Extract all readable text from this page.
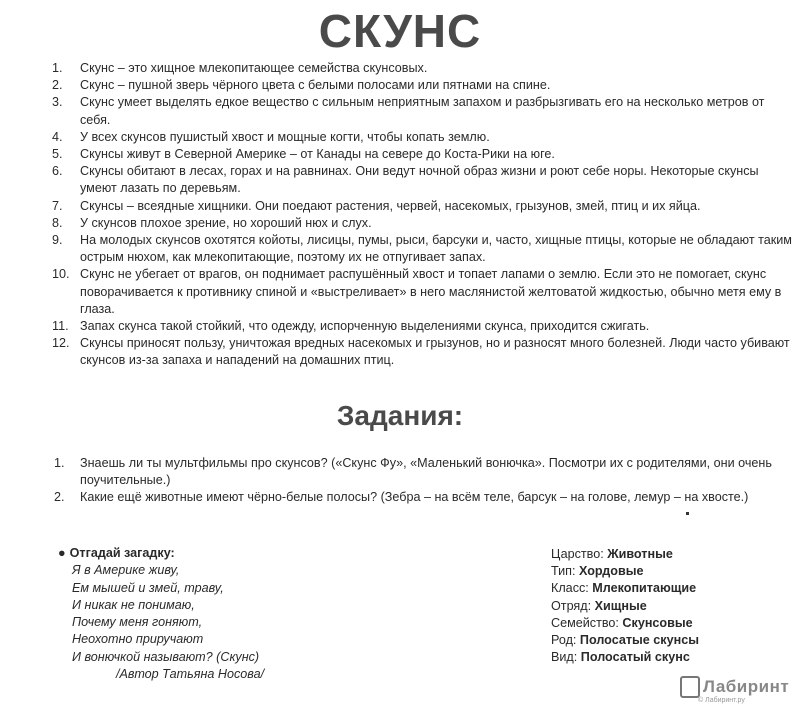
СКУНС
1. Скунс – это хищное млекопитающее семейства скунсовых.
2. Скунс – пушной зверь чёрного цвета с белыми полосами или пятнами на спине.
3. Скунс умеет выделять едкое вещество с сильным неприятным запахом и разбрызгивать его на несколько метров от себя.
4. У всех скунсов пушистый хвост и мощные когти, чтобы копать землю.
5. Скунсы живут в Северной Америке – от Канады на севере до Коста-Рики на юге.
6. Скунсы обитают в лесах, горах и на равнинах. Они ведут ночной образ жизни и роют себе норы. Некоторые скунсы умеют лазать по деревьям.
7. Скунсы – всеядные хищники. Они поедают растения, червей, насекомых, грызунов, змей, птиц и их яйца.
8. У скунсов плохое зрение, но хороший нюх и слух.
9. На молодых скунсов охотятся койоты, лисицы, пумы, рыси, барсуки и, часто, хищные птицы, которые не обладают таким острым нюхом, как млекопитающие, поэтому их не отпугивает запах.
10. Скунс не убегает от врагов, он поднимает распушённый хвост и топает лапами о землю. Если это не помогает, скунс поворачивается к противнику спиной и «выстреливает» в него маслянистой желтоватой жидкостью, обычно метя ему в глаза.
11. Запах скунса такой стойкий, что одежду, испорченную выделениями скунса, приходится сжигать.
12. Скунсы приносят пользу, уничтожая вредных насекомых и грызунов, но и разносят много болезней. Люди часто убивают скунсов из-за запаха и нападений на домашних птиц.
Задания:
1. Знаешь ли ты мультфильмы про скунсов? («Скунс Фу», «Маленький вонючка». Посмотри их с родителями, они очень поучительные.)
2. Какие ещё животные имеют чёрно-белые полосы? (Зебра – на всём теле, барсук – на голове, лемур – на хвосте.)
● Отгадай загадку:
Я в Америке живу,
Ем мышей и змей, траву,
И никак не понимаю,
Почему меня гоняют,
Неохотно приручают
И вонючкой называют? (Скунс)
/Автор Татьяна Носова/
Царство: Животные
Тип: Хордовые
Класс: Млекопитающие
Отряд: Хищные
Семейство: Скунсовые
Род: Полосатые скунсы
Вид: Полосатый скунс
Лабиринт
© Лабиринт.ру
